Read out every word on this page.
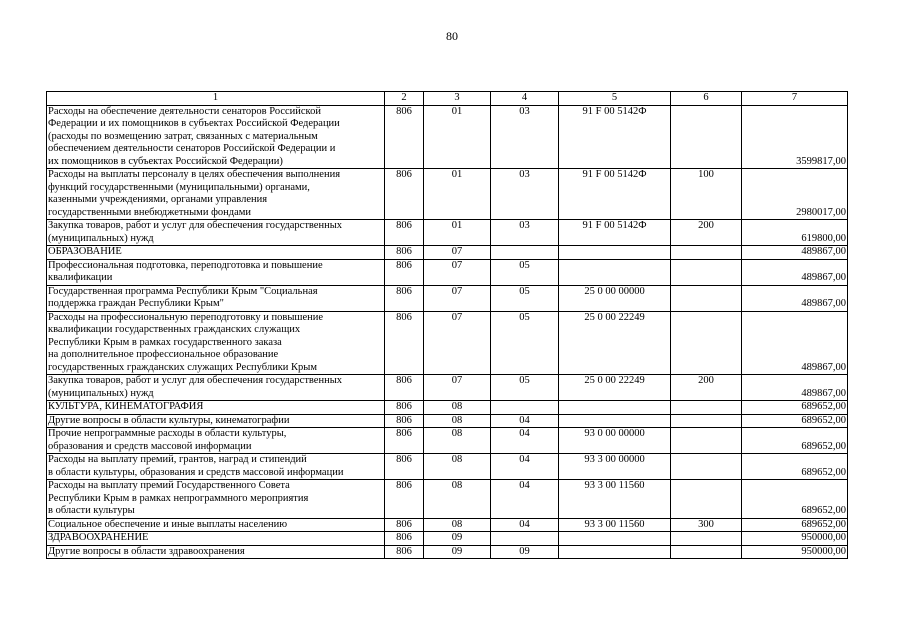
80
1	2	3	4	5	6	7
Расходы на обеспечение деятельности сенаторов Российской
Федерации и их помощников в субъектах Российской Федерации
(расходы по возмещению затрат, связанных с материальным
обеспечением деятельности сенаторов Российской Федерации и
их помощников в субъектах Российской Федерации)	806	01	03	91 F 00 5142Ф		3599817,00
Расходы на выплаты персоналу в целях обеспечения выполнения
функций государственными (муниципальными) органами,
казенными учреждениями, органами управления
государственными внебюджетными фондами	806	01	03	91 F 00 5142Ф	100	2980017,00
Закупка товаров, работ и услуг для обеспечения государственных
(муниципальных) нужд	806	01	03	91 F 00 5142Ф	200	619800,00
ОБРАЗОВАНИЕ	806	07				489867,00
Профессиональная подготовка, переподготовка и повышение
квалификации	806	07	05			489867,00
Государственная программа Республики Крым "Социальная
поддержка граждан Республики Крым"	806	07	05	25 0 00 00000		489867,00
Расходы на профессиональную переподготовку и повышение
квалификации государственных гражданских служащих
Республики Крым в рамках государственного заказа
на дополнительное профессиональное образование
государственных гражданских служащих Республики Крым	806	07	05	25 0 00 22249		489867,00
Закупка товаров, работ и услуг для обеспечения государственных
(муниципальных) нужд	806	07	05	25 0 00 22249	200	489867,00
КУЛЬТУРА, КИНЕМАТОГРАФИЯ	806	08				689652,00
Другие вопросы в области культуры, кинематографии	806	08	04			689652,00
Прочие непрограммные расходы в области культуры,
образования и средств массовой информации	806	08	04	93 0 00 00000		689652,00
Расходы на выплату премий, грантов, наград и стипендий
в области культуры, образования и средств массовой информации	806	08	04	93 3 00 00000		689652,00
Расходы на выплату премий Государственного Совета
Республики Крым в рамках непрограммного мероприятия
в области культуры	806	08	04	93 3 00 11560		689652,00
Социальное обеспечение и иные выплаты населению	806	08	04	93 3 00 11560	300	689652,00
ЗДРАВООХРАНЕНИЕ	806	09				950000,00
Другие вопросы в области здравоохранения	806	09	09			950000,00
